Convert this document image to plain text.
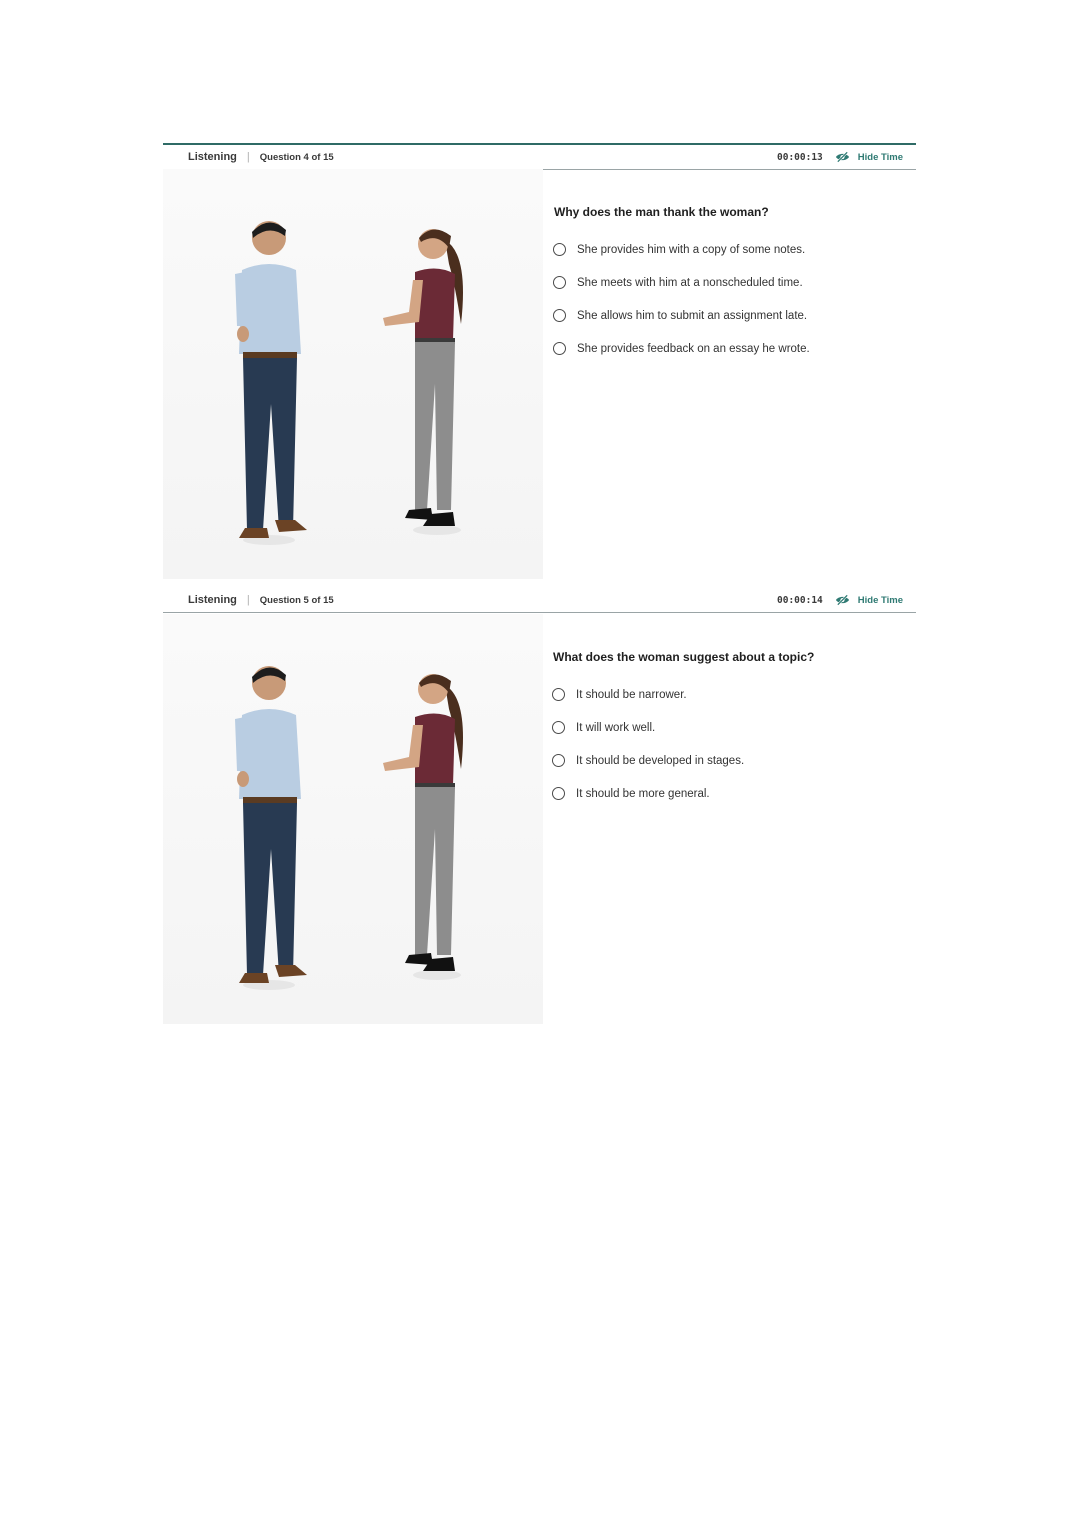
Listening | Question 4 of 15	00:00:13	Hide Time
Why does the man thank the woman?
She provides him with a copy of some notes.
She meets with him at a nonscheduled time.
She allows him to submit an assignment late.
She provides feedback on an essay he wrote.
Listening | Question 5 of 15	00:00:14	Hide Time
What does the woman suggest about a topic?
It should be narrower.
It will work well.
It should be developed in stages.
It should be more general.
